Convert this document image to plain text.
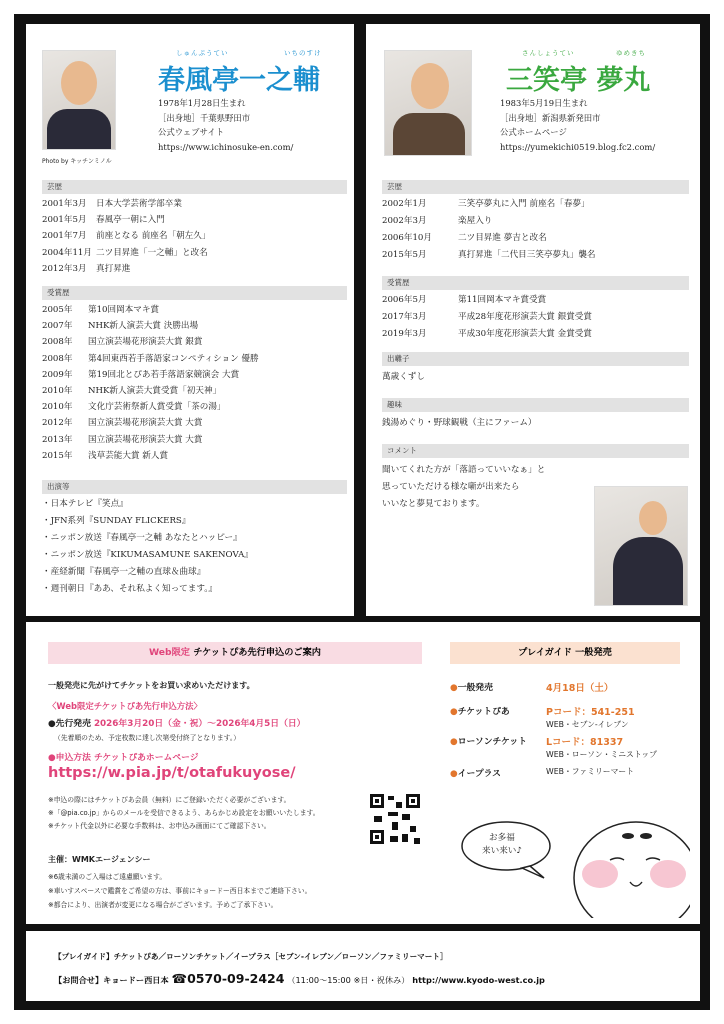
Photo by キッチンミノル
しゅんぷうてい	いちのすけ
春風亭一之輔
1978年1月28日生まれ
［出身地］千葉県野田市
公式ウェブサイト
https://www.ichinosuke-en.com/
芸歴
2001年3月	日本大学芸術学部卒業
2001年5月	春風亭一朝に入門
2001年7月	前座となる 前座名「朝左久」
2004年11月 二ツ目昇進「一之輔」と改名
2012年3月	真打昇進
受賞歴
2005年	第10回岡本マキ賞
2007年	NHK新人演芸大賞 決勝出場
2008年	国立演芸場花形演芸大賞 銀賞
2008年	第4回東西若手落語家コンペティション 優勝
2009年	第19回北とぴあ若手落語家競演会 大賞
2010年	NHK新人演芸大賞受賞「初天神」
2010年	文化庁芸術祭新人賞受賞「茶の湯」
2012年	国立演芸場花形演芸大賞 大賞
2013年	国立演芸場花形演芸大賞 大賞
2015年	浅草芸能大賞 新人賞
出演等
・日本テレビ『笑点』
・JFN系列『SUNDAY FLICKERS』
・ニッポン放送『春風亭一之輔 あなたとハッピー』
・ニッポン放送『KIKUMASAMUNE SAKENOVA』
・産経新聞『春風亭一之輔の直球＆曲球』
・週刊朝日『ああ、それ私よく知ってます。』
さんしょうてい	ゆめきち
三笑亭 夢丸
1983年5月19日生まれ
［出身地］新潟県新発田市
公式ホームページ
https://yumekichi0519.blog.fc2.com/
芸歴
2002年1月	三笑亭夢丸に入門 前座名「春夢」
2002年3月	楽屋入り
2006年10月	二ツ目昇進 夢吉と改名
2015年5月	真打昇進「二代目三笑亭夢丸」襲名
受賞歴
2006年5月	第11回岡本マキ賞受賞
2017年3月	平成28年度花形演芸大賞 銀賞受賞
2019年3月	平成30年度花形演芸大賞 金賞受賞
出囃子
萬歳くずし
趣味
銭湯めぐり・野球観戦（主にファーム）
コメント
聞いてくれた方が「落語っていいなぁ」と
思っていただける様な噺が出来たら
いいなと夢見ております。
Web限定 チケットぴあ先行申込のご案内
一般発売に先がけてチケットをお買い求めいただけます。
〈Web限定チケットぴあ先行申込方法〉
●先行発売 2026年3月20日（金・祝）〜2026年4月5日（日）
（先着順のため、予定枚数に達し次第受付終了となります。）
●申込方法 チケットぴあホームページ
https://w.pia.jp/t/otafukuyose/
※申込の際にはチケットぴあ会員（無料）にご登録いただく必要がございます。
※「@pia.co.jp」からのメールを受信できるよう、あらかじめ設定をお願いいたします。
※チケット代金以外に必要な手数料は、お申込み画面にてご確認下さい。
主催：WMKエージェンシー
※6歳未満のご入場はご遠慮願います。
※車いすスペースで鑑賞をご希望の方は、事前にキョードー西日本までご連絡下さい。
※都合により、出演者が変更になる場合がございます。予めご了承下さい。
プレイガイド 一般発売
●一般発売	4月18日（土）
●チケットぴあ	Pコード：541-251
WEB・セブン-イレブン
●ローソンチケット Lコード：81337
WEB・ローソン・ミニストップ
●イープラス	WEB・ファミリーマート
お多福
来い来い♪
【プレイガイド】チケットぴあ／ローソンチケット／イープラス［セブン-イレブン／ローソン／ファミリーマート］
【お問合せ】キョードー西日本 ☎0570-09-2424 （11:00〜15:00 ※日・祝休み） http://www.kyodo-west.co.jp
